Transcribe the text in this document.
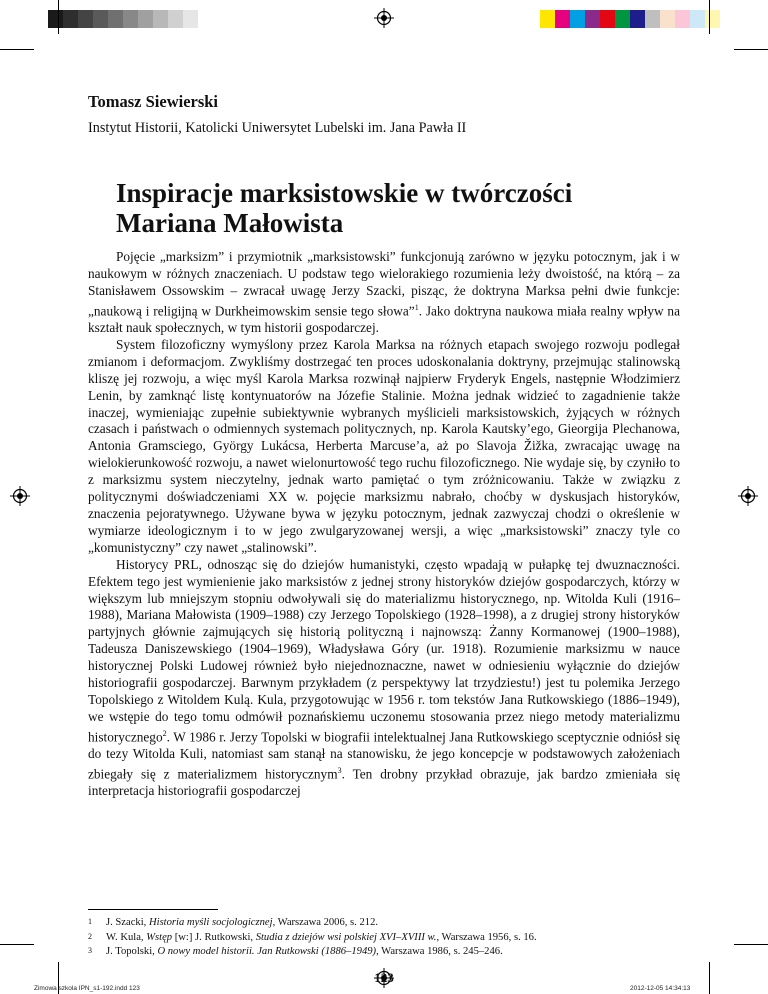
Tomasz Siewierski
Instytut Historii, Katolicki Uniwersytet Lubelski im. Jana Pawła II
Inspiracje marksistowskie w twórczości
Mariana Małowista

Pojęcie „marksizm” i przymiotnik „marksistowski” funkcjonują zarówno w języku potocznym, jak i w naukowym w różnych znaczeniach. U podstaw tego wielorakiego rozumienia leży dwoistość, na którą – za Stanisławem Ossowskim – zwracał uwagę Jerzy Szacki, pisząc, że doktryna Marksa pełni dwie funkcje: „naukową i religijną w Durkheimowskim sensie tego słowa”$^1$. Jako doktryna naukowa miała realny wpływ na kształt nauk społecznych, w tym historii gospodarczej.

System filozoficzny wymyślony przez Karola Marksa na różnych etapach swojego rozwoju podlegał zmianom i deformacjom. Zwykliśmy dostrzegać ten proces udoskonalania doktryny, przejmując stalinowską kliszę jej rozwoju, a więc myśl Karola Marksa rozwinął najpierw Fryderyk Engels, następnie Włodzimierz Lenin, by zamknąć listę kontynuatorów na Józefie Stalinie. Można jednak widzieć to zagadnienie także inaczej, wymieniając zupełnie subiektywnie wybranych myślicieli marksistowskich, żyjących w różnych czasach i państwach o odmiennych systemach politycznych, np. Karola Kautsky’ego, Gieorgija Plechanowa, Antonia Gramsciego, György Lukácsa, Herberta Marcuse’a, aż po Slavoja Žižka, zwracając uwagę na wielokierunkowość rozwoju, a nawet wielonurtowość tego ruchu filozoficznego. Nie wydaje się, by czyniło to z marksizmu system nieczytelny, jednak warto pamiętać o tym zróżnicowaniu. Także w związku z politycznymi doświadczeniami XX w. pojęcie marksizmu nabrało, choćby w dyskusjach historyków, znaczenia pejoratywnego. Używane bywa w języku potocznym, jednak zazwyczaj chodzi o określenie w wymiarze ideologicznym i to w jego zwulgaryzowanej wersji, a więc „marksistowski” znaczy tyle co „komunistyczny” czy nawet „stalinowski”.

Historycy PRL, odnosząc się do dziejów humanistyki, często wpadają w pułapkę tej dwuznaczności. Efektem tego jest wymienienie jako marksistów z jednej strony historyków dziejów gospodarczych, którzy w większym lub mniejszym stopniu odwoływali się do materializmu historycznego, np. Witolda Kuli (1916–1988), Mariana Małowista (1909–1988) czy Jerzego Topolskiego (1928–1998), a z drugiej strony historyków partyjnych głównie zajmujących się historią polityczną i najnowszą: Żanny Kormanowej (1900–1988), Tadeusza Daniszewskiego (1904–1969), Władysława Góry (ur. 1918). Rozumienie marksizmu w nauce historycznej Polski Ludowej również było niejednoznaczne, nawet w odniesieniu wyłącznie do dziejów historiografii gospodarczej. Barwnym przykładem (z perspektywy lat trzydziestu!) jest tu polemika Jerzego Topolskiego z Witoldem Kulą. Kula, przygotowując w 1956 r. tom tekstów Jana Rutkowskiego (1886–1949), we wstępie do tego tomu odmówił poznańskiemu uczonemu stosowania przez niego metody materializmu historycznego$^2$. W 1986 r. Jerzy Topolski w biografii intelektualnej Jana Rutkowskiego sceptycznie odniósł się do tezy Witolda Kuli, natomiast sam stanął na stanowisku, że jego koncepcje w podstawowych założeniach zbiegały się z materializmem historycznym$^3$. Ten drobny przykład obrazuje, jak bardzo zmieniała się interpretacja historiografii gospodarczej

1 J. Szacki, Historia myśli socjologicznej, Warszawa 2006, s. 212.
2 W. Kula, Wstęp [w:] J. Rutkowski, Studia z dziejów wsi polskiej XVI–XVIII w., Warszawa 1956, s. 16.
3 J. Topolski, O nowy model historii. Jan Rutkowski (1886–1949), Warszawa 1986, s. 245–246.
123
Zimowa szkola IPN_s1-192.indd 123	2012-12-05 14:34:13
